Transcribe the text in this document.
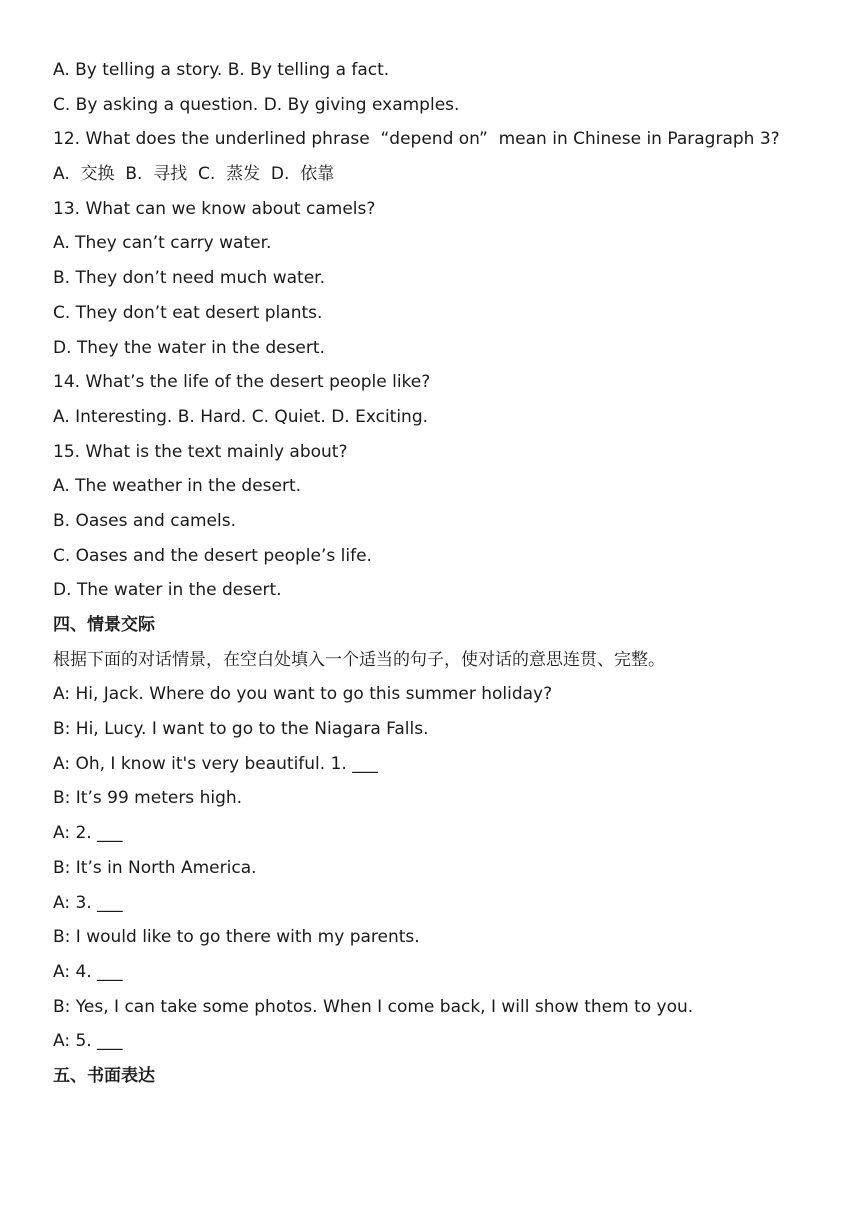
A. By telling a story. B. By telling a fact.
C. By asking a question. D. By giving examples.
12. What does the underlined phrase  “depend on”  mean in Chinese in Paragraph 3?
A.  交换  B.  寻找  C.  蒸发  D.  依靠
13. What can we know about camels?
A. They can’t carry water.
B. They don’t need much water.
C. They don’t eat desert plants.
D. They the water in the desert.
14. What’s the life of the desert people like?
A. Interesting. B. Hard. C. Quiet. D. Exciting.
15. What is the text mainly about?
A. The weather in the desert.
B. Oases and camels.
C. Oases and the desert people’s life.
D. The water in the desert.
四、情景交际
根据下面的对话情景，在空白处填入一个适当的句子，使对话的意思连贯、完整。
A: Hi, Jack. Where do you want to go this summer holiday?
B: Hi, Lucy. I want to go to the Niagara Falls.
A: Oh, I know it's very beautiful. 1. ___
B: It’s 99 meters high.
A: 2. ___
B: It’s in North America.
A: 3. ___
B: I would like to go there with my parents.
A: 4. ___
B: Yes, I can take some photos. When I come back, I will show them to you.
A: 5. ___
五、书面表达
